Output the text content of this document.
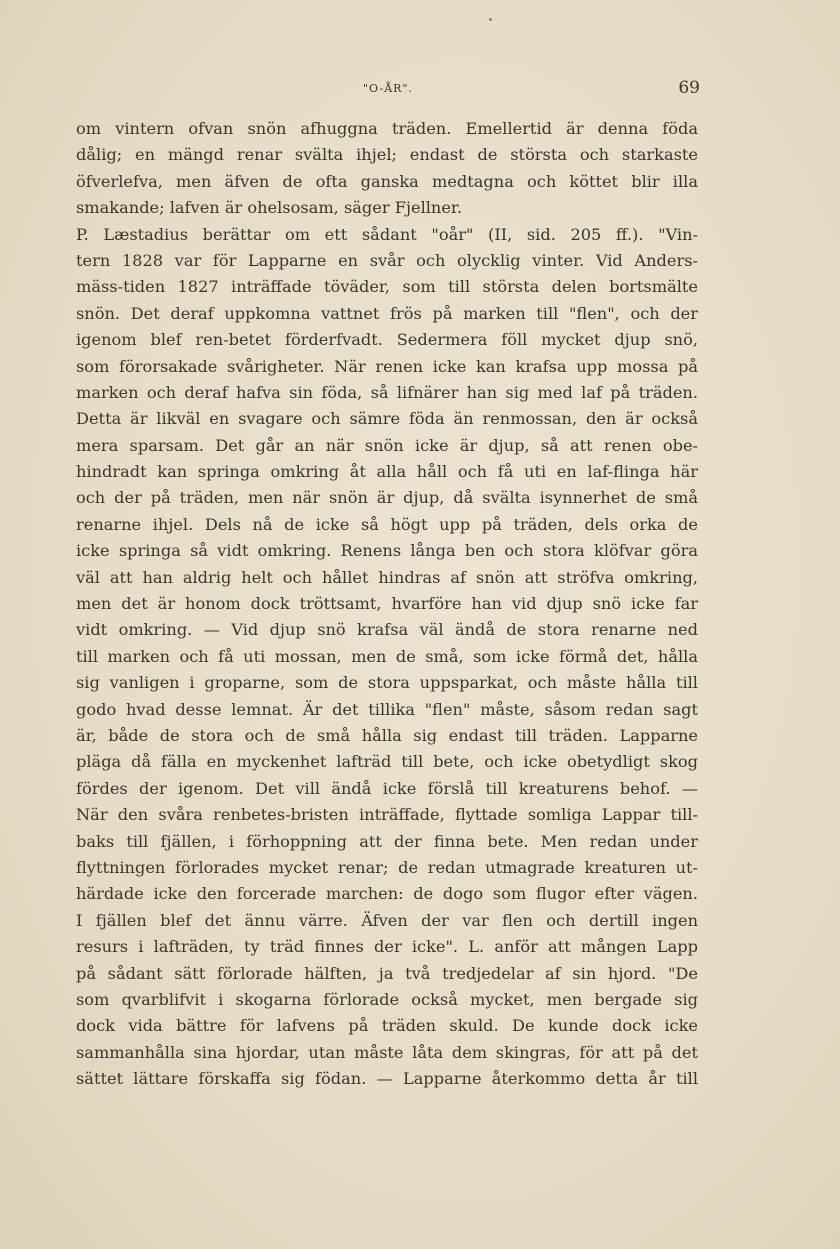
"O-ÅR".	69
om vintern ofvan snön afhuggna träden. Emellertid är denna föda
dålig; en mängd renar svälta ihjel; endast de största och starkaste
öfverlefva, men äfven de ofta ganska medtagna och köttet blir illa
smakande; lafven är ohelsosam, säger Fjellner.
P. Læstadius berättar om ett sådant "oår" (II, sid. 205 ff.). "Vin-
tern 1828 var för Lapparne en svår och olycklig vinter. Vid Anders-
mäss-tiden 1827 inträffade töväder, som till största delen bortsmälte
snön. Det deraf uppkomna vattnet frös på marken till "flen", och der
igenom blef ren-betet förderfvadt. Sedermera föll mycket djup snö,
som förorsakade svårigheter. När renen icke kan krafsa upp mossa på
marken och deraf hafva sin föda, så lifnärer han sig med laf på träden.
Detta är likväl en svagare och sämre föda än renmossan, den är också
mera sparsam. Det går an när snön icke är djup, så att renen obe-
hindradt kan springa omkring åt alla håll och få uti en laf-flinga här
och der på träden, men när snön är djup, då svälta isynnerhet de små
renarne ihjel. Dels nå de icke så högt upp på träden, dels orka de
icke springa så vidt omkring. Renens långa ben och stora klöfvar göra
väl att han aldrig helt och hållet hindras af snön att ströfva omkring,
men det är honom dock tröttsamt, hvarföre han vid djup snö icke far
vidt omkring. — Vid djup snö krafsa väl ändå de stora renarne ned
till marken och få uti mossan, men de små, som icke förmå det, hålla
sig vanligen i groparne, som de stora uppsparkat, och måste hålla till
godo hvad desse lemnat. Är det tillika "flen" måste, såsom redan sagt
är, både de stora och de små hålla sig endast till träden. Lapparne
pläga då fälla en myckenhet lafträd till bete, och icke obetydligt skog
fördes der igenom. Det vill ändå icke förslå till kreaturens behof. —
När den svåra renbetes-bristen inträffade, flyttade somliga Lappar till-
baks till fjällen, i förhoppning att der finna bete. Men redan under
flyttningen förlorades mycket renar; de redan utmagrade kreaturen ut-
härdade icke den forcerade marchen: de dogo som flugor efter vägen.
I fjällen blef det ännu värre. Äfven der var flen och dertill ingen
resurs i lafträden, ty träd finnes der icke". L. anför att mången Lapp
på sådant sätt förlorade hälften, ja två tredjedelar af sin hjord. "De
som qvarblifvit i skogarna förlorade också mycket, men bergade sig
dock vida bättre för lafvens på träden skuld. De kunde dock icke
sammanhålla sina hjordar, utan måste låta dem skingras, för att på det
sättet lättare förskaffa sig födan. — Lapparne återkommo detta år till
